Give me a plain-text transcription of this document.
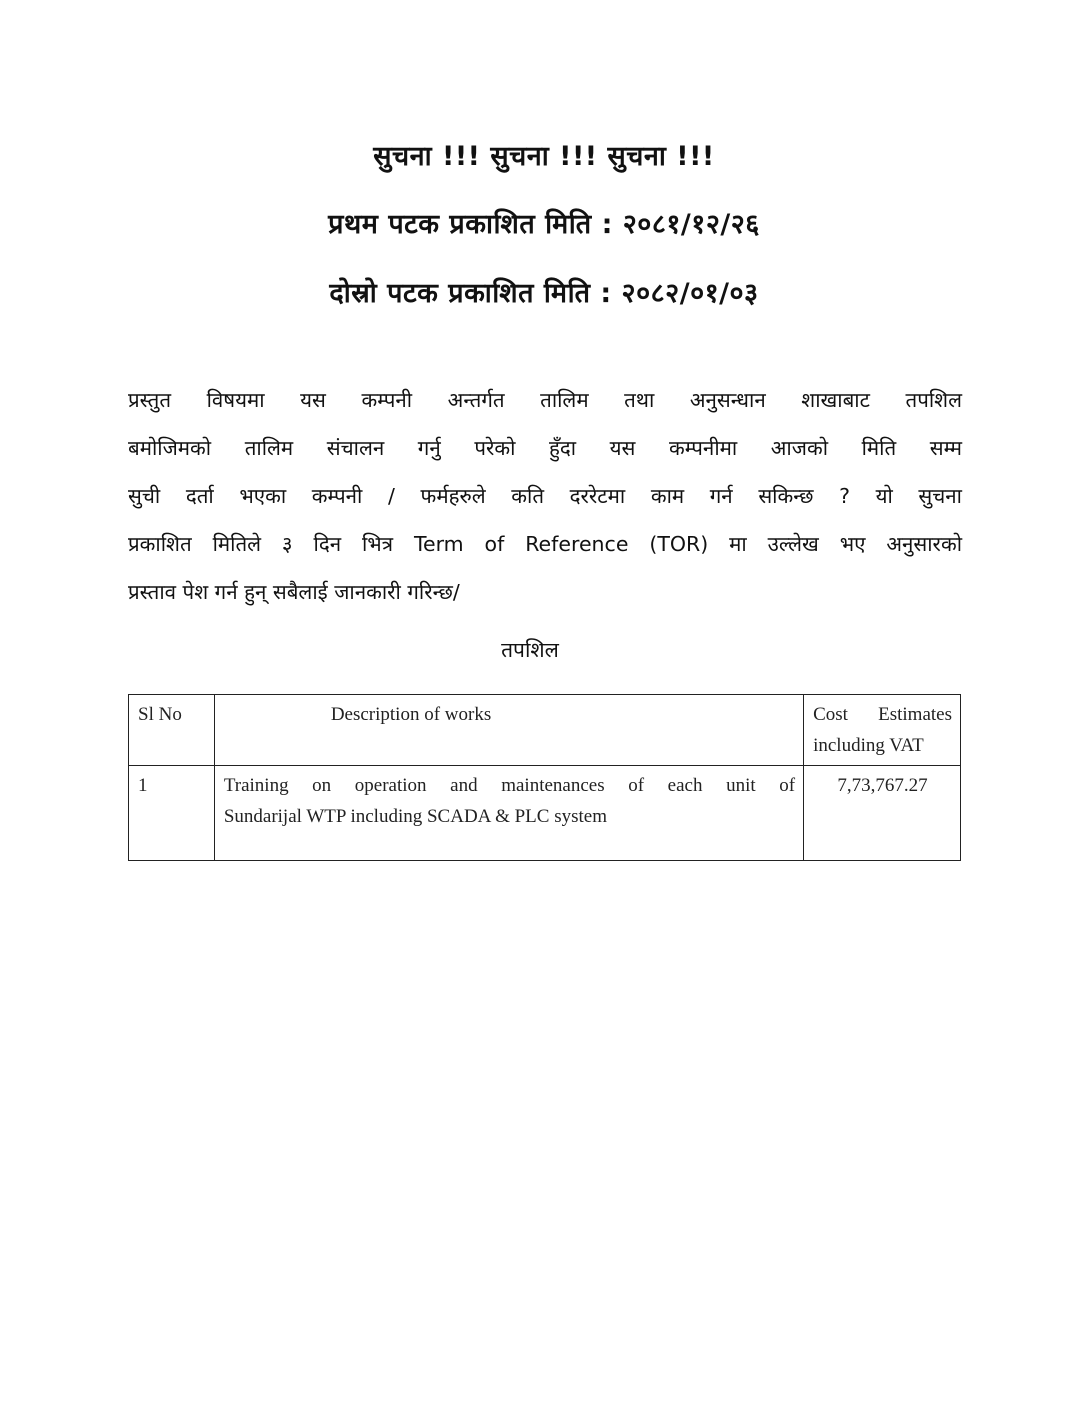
सुचना !!! सुचना !!! सुचना !!!
प्रथम पटक प्रकाशित मिति : २०८१/१२/२६
दोस्रो पटक प्रकाशित मिति : २०८२/०१/०३
प्रस्तुत विषयमा यस कम्पनी अन्तर्गत तालिम तथा अनुसन्धान शाखाबाट तपशिल
बमोजिमको तालिम संचालन गर्नु परेको हुँदा यस कम्पनीमा आजको मिति सम्म
सुची दर्ता भएका कम्पनी / फर्महरुले कति दररेटमा काम गर्न सकिन्छ ? यो सुचना
प्रकाशित मितिले ३ दिन भित्र Term of Reference (TOR) मा उल्लेख भए अनुसारको
प्रस्ताव पेश गर्न हुन् सबैलाई जानकारी गरिन्छ/
तपशिल
Sl No	Description of works	Cost Estimates
including VAT

1	Training on operation and maintenances of each unit of
Sundarijal WTP including SCADA & PLC system	7,73,767.27
